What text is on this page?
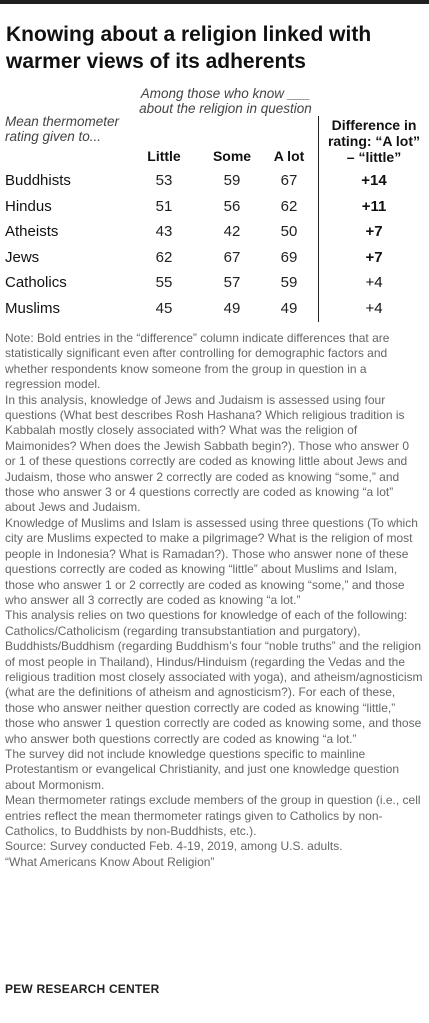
Knowing about a religion linked with warmer views of its adherents
Mean thermometer rating given to...
Among those who know ___ about the religion in question
Little	Some	A lot
Difference in
rating: “A lot”
– “little”
Buddhists	53	59	67	+14
Hindus	51	56	62	+11
Atheists	43	42	50	+7
Jews	62	67	69	+7
Catholics	55	57	59	+4
Muslims	45	49	49	+4

Note: Bold entries in the “difference” column indicate differences that are statistically significant even after controlling for demographic factors and whether respondents know someone from the group in question in a regression model.

In this analysis, knowledge of Jews and Judaism is assessed using four questions (What best describes Rosh Hashana? Which religious tradition is Kabbalah mostly closely associated with? What was the religion of Maimonides? When does the Jewish Sabbath begin?). Those who answer 0 or 1 of these questions correctly are coded as knowing little about Jews and Judaism, those who answer 2 correctly are coded as knowing “some,” and those who answer 3 or 4 questions correctly are coded as knowing “a lot” about Jews and Judaism.

Knowledge of Muslims and Islam is assessed using three questions (To which city are Muslims expected to make a pilgrimage? What is the religion of most people in Indonesia? What is Ramadan?). Those who answer none of these questions correctly are coded as knowing “little” about Muslims and Islam, those who answer 1 or 2 correctly are coded as knowing “some,” and those who answer all 3 correctly are coded as knowing “a lot.”

This analysis relies on two questions for knowledge of each of the following: Catholics/Catholicism (regarding transubstantiation and purgatory), Buddhists/Buddhism (regarding Buddhism’s four “noble truths” and the religion of most people in Thailand), Hindus/Hinduism (regarding the Vedas and the religious tradition most closely associated with yoga), and atheism/agnosticism (what are the definitions of atheism and agnosticism?). For each of these, those who answer neither question correctly are coded as knowing “little,” those who answer 1 question correctly are coded as knowing some, and those who answer both questions correctly are coded as knowing “a lot.”

The survey did not include knowledge questions specific to mainline Protestantism or evangelical Christianity, and just one knowledge question about Mormonism.

Mean thermometer ratings exclude members of the group in question (i.e., cell entries reflect the mean thermometer ratings given to Catholics by non-Catholics, to Buddhists by non-Buddhists, etc.).

Source: Survey conducted Feb. 4-19, 2019, among U.S. adults.

“What Americans Know About Religion”

PEW RESEARCH CENTER
